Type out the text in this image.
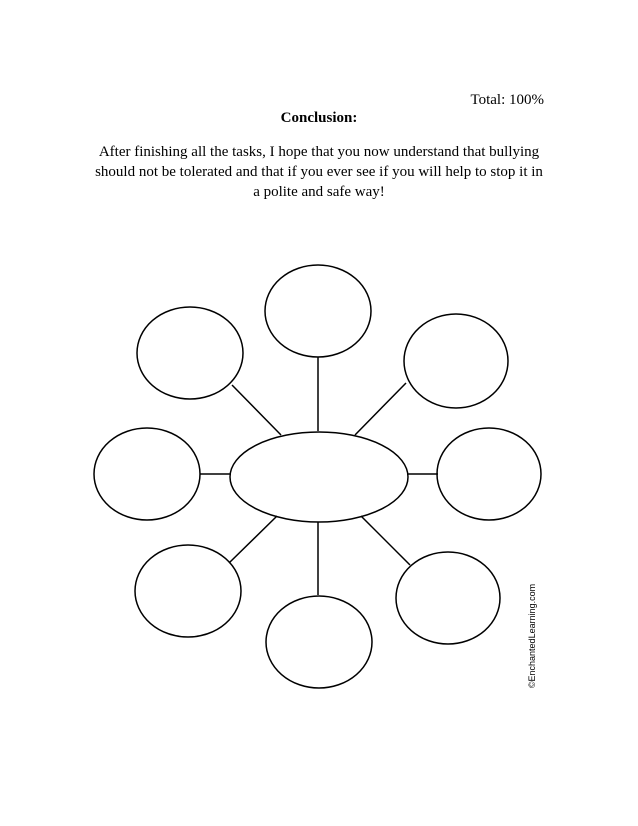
Total: 100%
Conclusion:
After finishing all the tasks, I hope that you now understand that bullying should not be tolerated and that if you ever see if you will help to stop it in a polite and safe way!
©EnchantedLearning.com
